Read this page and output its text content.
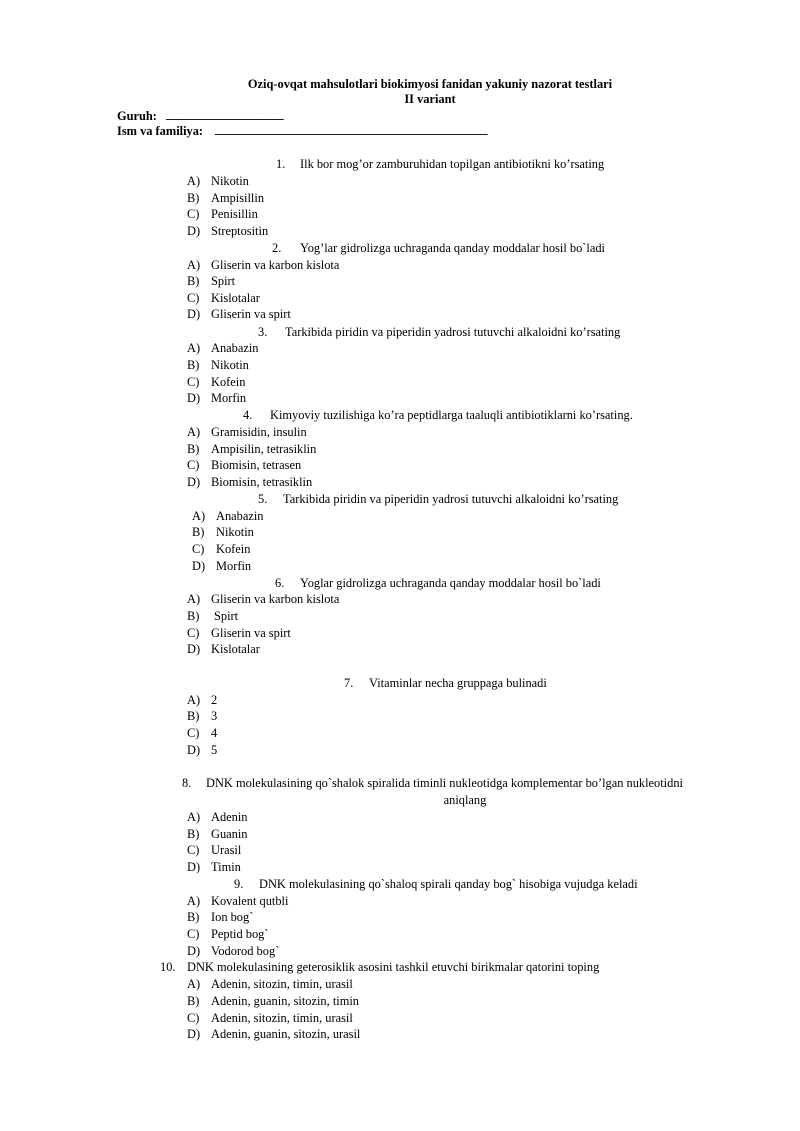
Oziq-ovqat mahsulotlari biokimyosi fanidan yakuniy nazorat testlari
II variant
Guruh: ___________________
Ism va familiya: ____________________________________________
1. Ilk bor mog’or zamburuhidan topilgan antibiotikni ko’rsating
A) Nikotin
B) Ampisillin
C) Penisillin
D) Streptositin
2. Yog’lar gidrolizga uchraganda qanday moddalar hosil bo`ladi
A) Gliserin va karbon kislota
B) Spirt
C) Kislotalar
D) Gliserin va spirt
3. Tarkibida piridin va piperidin yadrosi tutuvchi alkaloidni ko’rsating
A) Anabazin
B) Nikotin
C) Kofein
D) Morfin
4. Kimyoviy tuzilishiga ko’ra peptidlarga taaluqli antibiotiklarni ko’rsating.
A) Gramisidin, insulin
B) Ampisilin, tetrasiklin
C) Biomisin, tetrasen
D) Biomisin, tetrasiklin
5. Tarkibida piridin va piperidin yadrosi tutuvchi alkaloidni ko’rsating
A) Anabazin
B) Nikotin
C) Kofein
D) Morfin
6. Yoglar gidrolizga uchraganda qanday moddalar hosil bo`ladi
A) Gliserin va karbon kislota
B) Spirt
C) Gliserin va spirt
D) Kislotalar
7. Vitaminlar necha gruppaga bulinadi
A) 2
B) 3
C) 4
D) 5
8. DNK molekulasining qo`shalok spiralida timinli nukleotidga komplementar bo’lgan nukleotidni
aniqlang
A) Adenin
B) Guanin
C) Urasil
D) Timin
9. DNK molekulasining qo`shaloq spirali qanday bog` hisobiga vujudga keladi
A) Kovalent qutbli
B) Ion bog`
C) Peptid bog`
D) Vodorod bog`
10. DNK molekulasining geterosiklik asosini tashkil etuvchi birikmalar qatorini toping
A) Adenin, sitozin, timin, urasil
B) Adenin, guanin, sitozin, timin
C) Adenin, sitozin, timin, urasil
D) Adenin, guanin, sitozin, urasil
